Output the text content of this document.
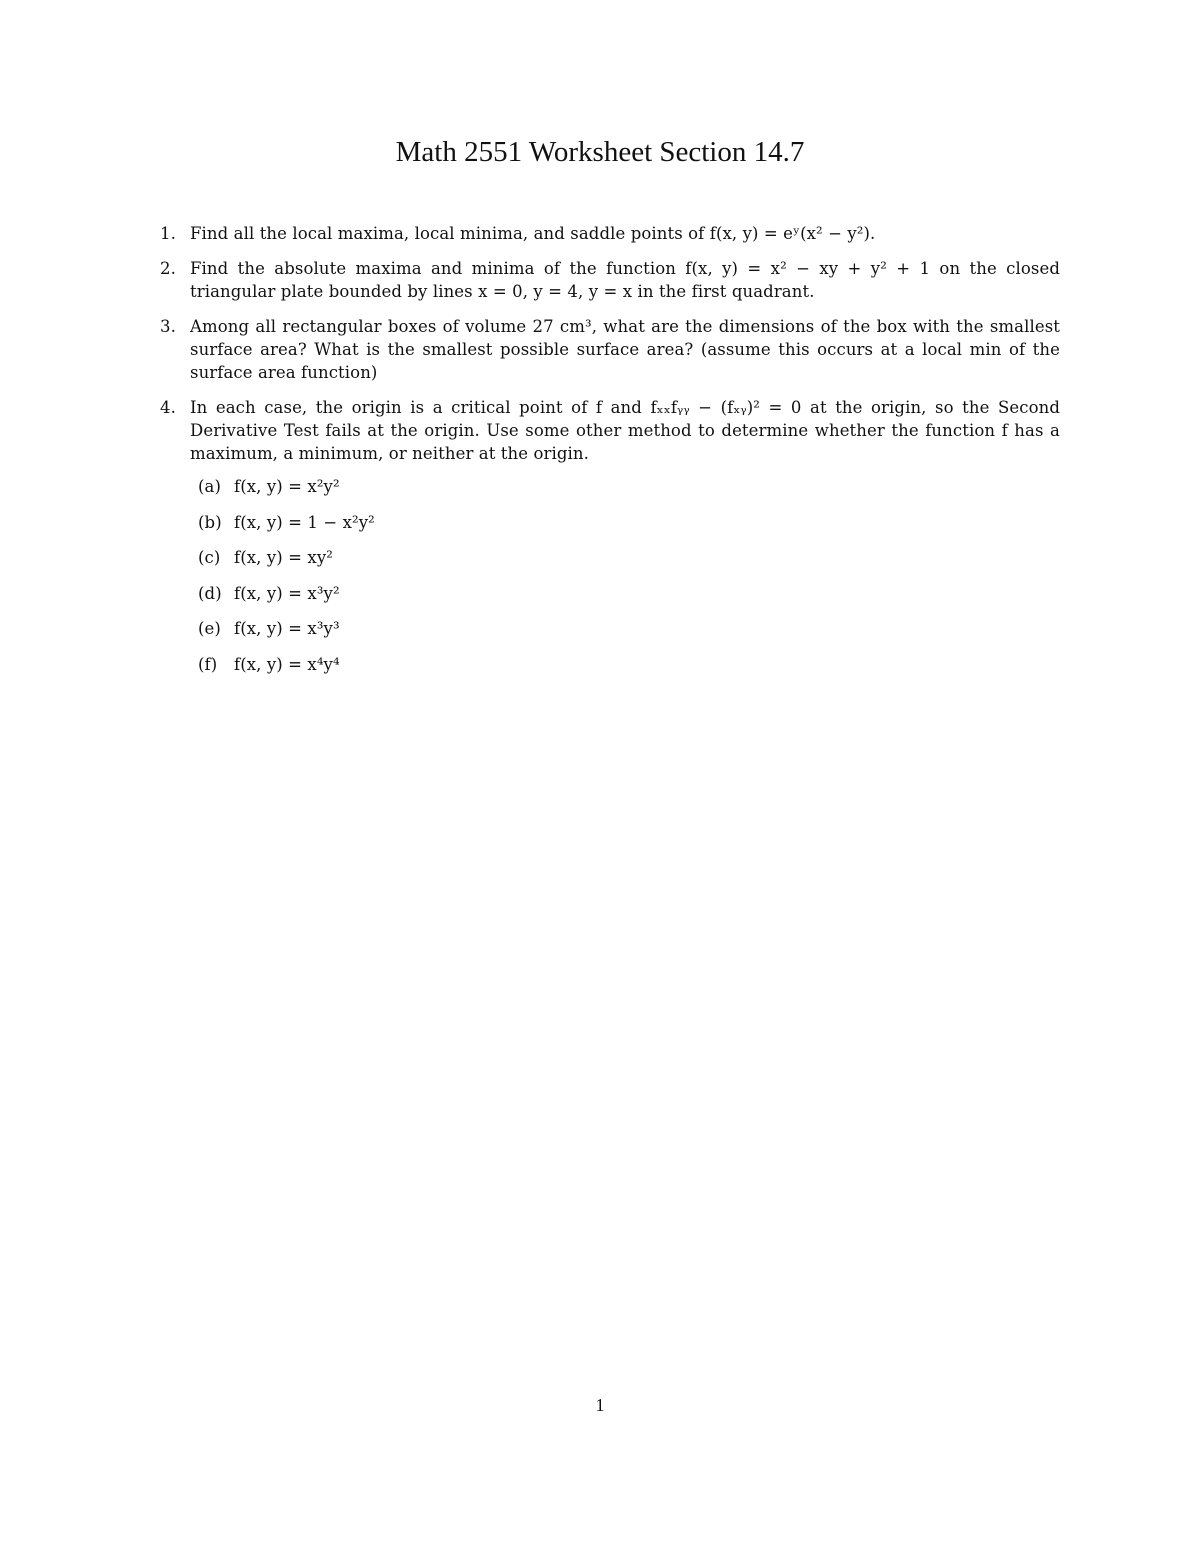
Math 2551 Worksheet Section 14.7
1. Find all the local maxima, local minima, and saddle points of f(x, y) = eʸ(x² − y²).
2. Find the absolute maxima and minima of the function f(x, y) = x² − xy + y² + 1 on the closed triangular plate bounded by lines x = 0, y = 4, y = x in the first quadrant.
3. Among all rectangular boxes of volume 27 cm³, what are the dimensions of the box with the smallest surface area? What is the smallest possible surface area? (assume this occurs at a local min of the surface area function)
4. In each case, the origin is a critical point of f and fₓₓfᵧᵧ − (fₓᵧ)² = 0 at the origin, so the Second Derivative Test fails at the origin. Use some other method to determine whether the function f has a maximum, a minimum, or neither at the origin.
(a) f(x, y) = x²y²
(b) f(x, y) = 1 − x²y²
(c) f(x, y) = xy²
(d) f(x, y) = x³y²
(e) f(x, y) = x³y³
(f) f(x, y) = x⁴y⁴
1
